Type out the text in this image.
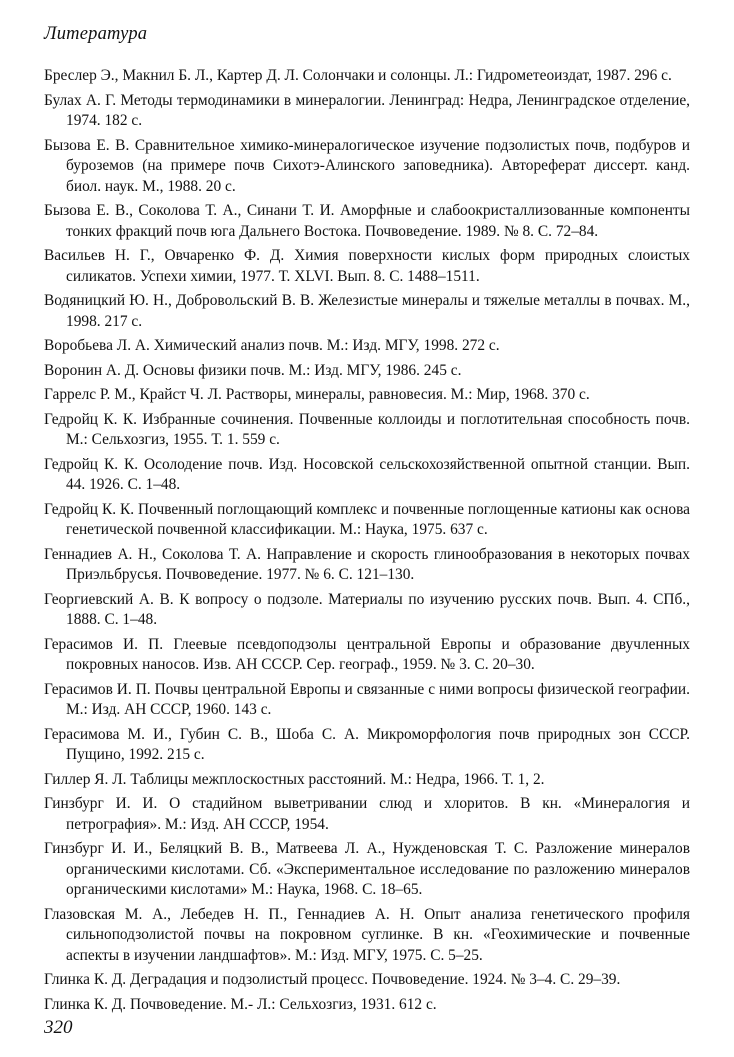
Литература
Бреслер Э., Макнил Б. Л., Картер Д. Л. Солончаки и солонцы. Л.: Гидрометеоиздат, 1987. 296 с.
Булах А. Г. Методы термодинамики в минералогии. Ленинград: Недра, Ленинградское отделение, 1974. 182 с.
Бызова Е. В. Сравнительное химико-минералогическое изучение подзолистых почв, подбуров и буроземов (на примере почв Сихотэ-Алинского заповедника). Автореферат диссерт. канд. биол. наук. М., 1988. 20 с.
Бызова Е. В., Соколова Т. А., Синани Т. И. Аморфные и слабоокристаллизованные компоненты тонких фракций почв юга Дальнего Востока. Почвоведение. 1989. № 8. С. 72–84.
Васильев Н. Г., Овчаренко Ф. Д. Химия поверхности кислых форм природных слоистых силикатов. Успехи химии, 1977. Т. XLVI. Вып. 8. С. 1488–1511.
Водяницкий Ю. Н., Добровольский В. В. Железистые минералы и тяжелые металлы в почвах. М., 1998. 217 с.
Воробьева Л. А. Химический анализ почв. М.: Изд. МГУ, 1998. 272 с.
Воронин А. Д. Основы физики почв. М.: Изд. МГУ, 1986. 245 с.
Гаррелс Р. М., Крайст Ч. Л. Растворы, минералы, равновесия. М.: Мир, 1968. 370 с.
Гедройц К. К. Избранные сочинения. Почвенные коллоиды и поглотительная способность почв. М.: Сельхозгиз, 1955. Т. 1. 559 с.
Гедройц К. К. Осолодение почв. Изд. Носовской сельскохозяйственной опытной станции. Вып. 44. 1926. С. 1–48.
Гедройц К. К. Почвенный поглощающий комплекс и почвенные поглощенные катионы как основа генетической почвенной классификации. М.: Наука, 1975. 637 с.
Геннадиев А. Н., Соколова Т. А. Направление и скорость глинообразования в некоторых почвах Приэльбрусья. Почвоведение. 1977. № 6. С. 121–130.
Георгиевский А. В. К вопросу о подзоле. Материалы по изучению русских почв. Вып. 4. СПб., 1888. С. 1–48.
Герасимов И. П. Глеевые псевдоподзолы центральной Европы и образование двучленных покровных наносов. Изв. АН СССР. Сер. географ., 1959. № 3. С. 20–30.
Герасимов И. П. Почвы центральной Европы и связанные с ними вопросы физической географии. М.: Изд. АН СССР, 1960. 143 с.
Герасимова М. И., Губин С. В., Шоба С. А. Микроморфология почв природных зон СССР. Пущино, 1992. 215 с.
Гиллер Я. Л. Таблицы межплоскостных расстояний. М.: Недра, 1966. Т. 1, 2.
Гинзбург И. И. О стадийном выветривании слюд и хлоритов. В кн. «Минералогия и петрография». М.: Изд. АН СССР, 1954.
Гинзбург И. И., Беляцкий В. В., Матвеева Л. А., Нужденовская Т. С. Разложение минералов органическими кислотами. Сб. «Экспериментальное исследование по разложению минералов органическими кислотами» М.: Наука, 1968. С. 18–65.
Глазовская М. А., Лебедев Н. П., Геннадиев А. Н. Опыт анализа генетического профиля сильноподзолистой почвы на покровном суглинке. В кн. «Геохимические и почвенные аспекты в изучении ландшафтов». М.: Изд. МГУ, 1975. С. 5–25.
Глинка К. Д. Деградация и подзолистый процесс. Почвоведение. 1924. № 3–4. С. 29–39.
Глинка К. Д. Почвоведение. М.- Л.: Сельхозгиз, 1931. 612 с.
320
